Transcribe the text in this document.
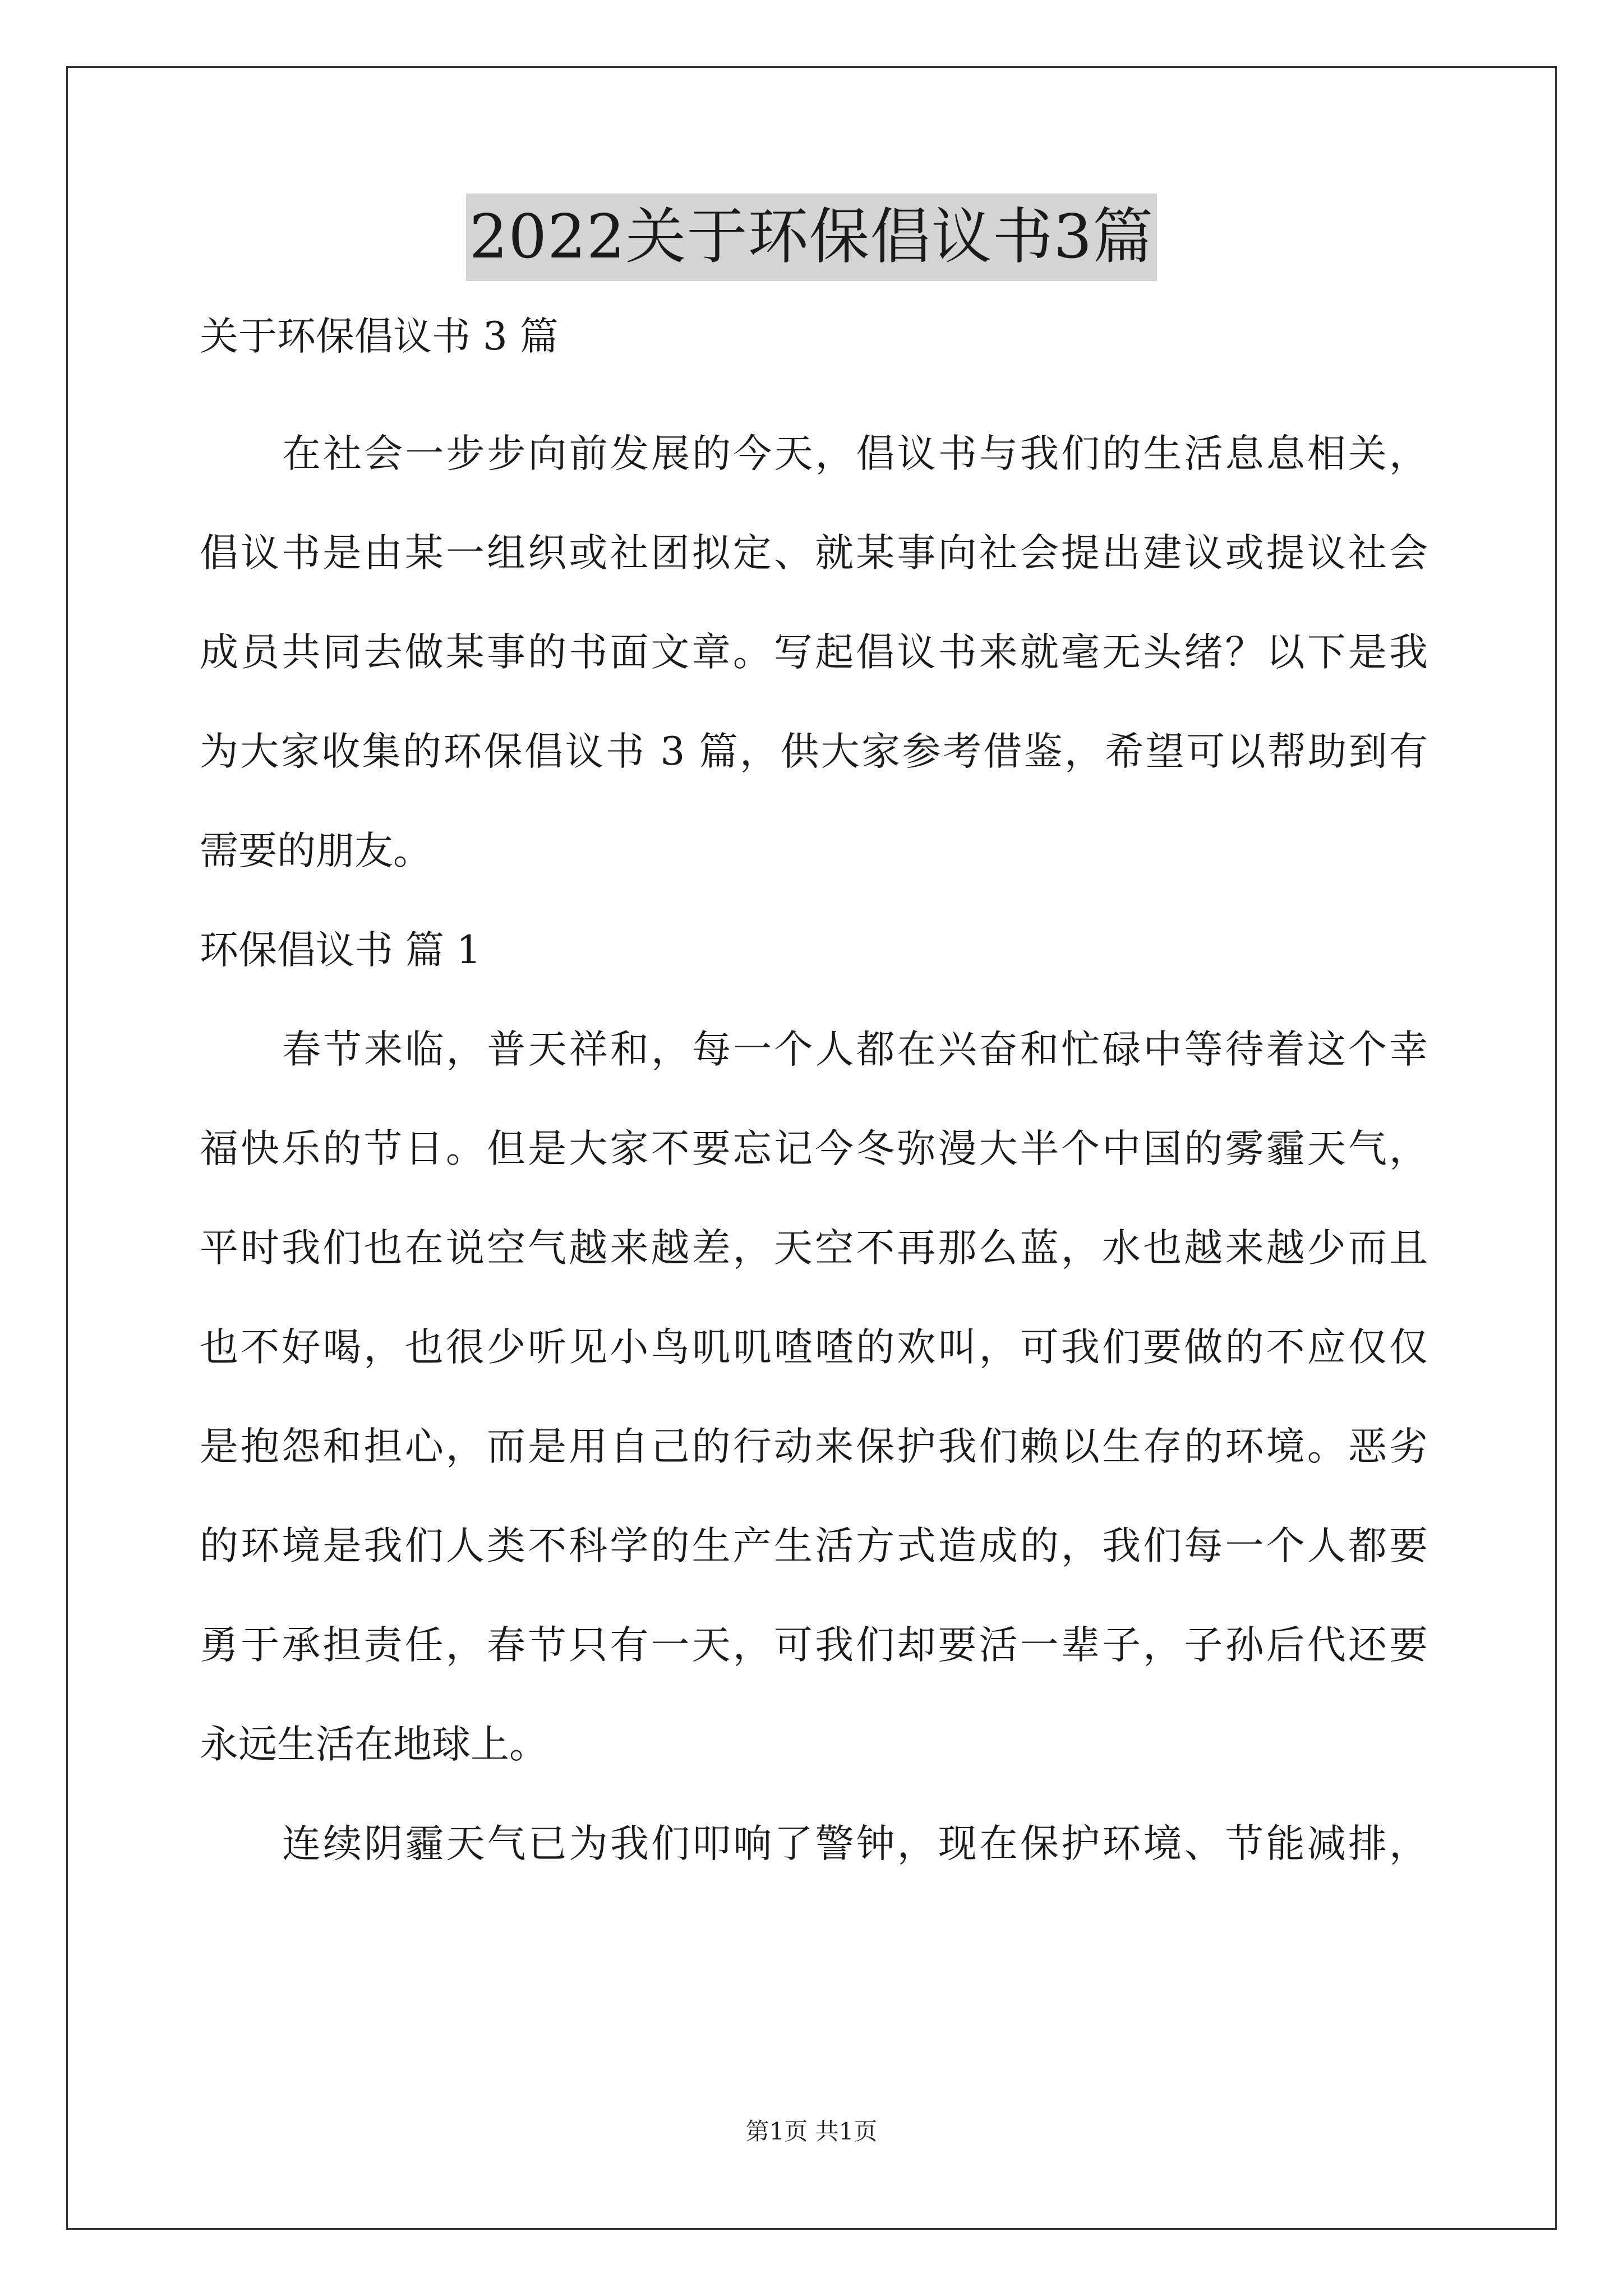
2022关于环保倡议书3篇
关于环保倡议书 3 篇
在社会一步步向前发展的今天，倡议书与我们的生活息息相关，
倡议书是由某一组织或社团拟定、就某事向社会提出建议或提议社会
成员共同去做某事的书面文章。写起倡议书来就毫无头绪？以下是我
为大家收集的环保倡议书 3 篇，供大家参考借鉴，希望可以帮助到有
需要的朋友。
环保倡议书 篇 1
春节来临，普天祥和，每一个人都在兴奋和忙碌中等待着这个幸
福快乐的节日。但是大家不要忘记今冬弥漫大半个中国的雾霾天气，
平时我们也在说空气越来越差，天空不再那么蓝，水也越来越少而且
也不好喝，也很少听见小鸟叽叽喳喳的欢叫，可我们要做的不应仅仅
是抱怨和担心，而是用自己的行动来保护我们赖以生存的环境。恶劣
的环境是我们人类不科学的生产生活方式造成的，我们每一个人都要
勇于承担责任，春节只有一天，可我们却要活一辈子，子孙后代还要
永远生活在地球上。
连续阴霾天气已为我们叩响了警钟，现在保护环境、节能减排，
第1页 共1页
